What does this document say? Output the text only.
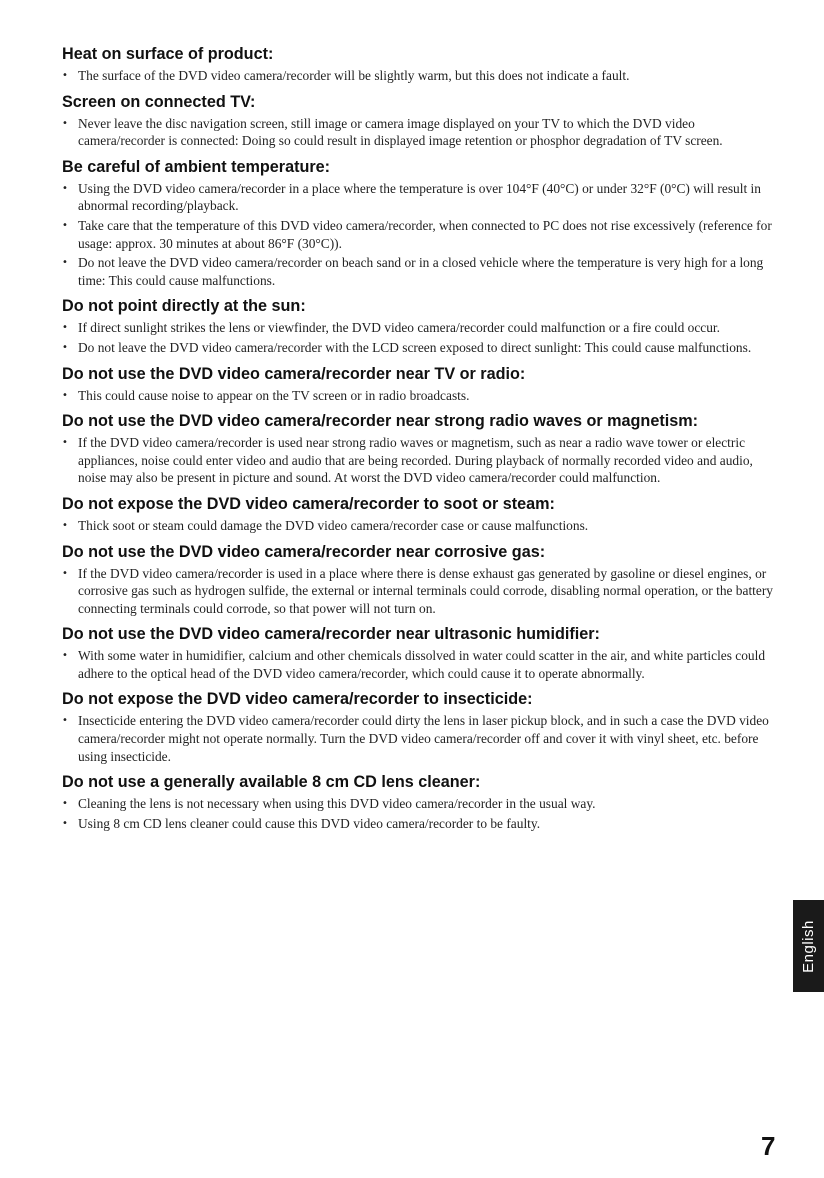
Heat on surface of product:
• The surface of the DVD video camera/recorder will be slightly warm, but this does not indicate a fault.
Screen on connected TV:
• Never leave the disc navigation screen, still image or camera image displayed on your TV to which the DVD video camera/recorder is connected: Doing so could result in displayed image retention or phosphor degradation of TV screen.
Be careful of ambient temperature:
• Using the DVD video camera/recorder in a place where the temperature is over 104°F (40°C) or under 32°F (0°C) will result in abnormal recording/playback.
• Take care that the temperature of this DVD video camera/recorder, when connected to PC does not rise excessively (reference for usage: approx. 30 minutes at about 86°F (30°C)).
• Do not leave the DVD video camera/recorder on beach sand or in a closed vehicle where the temperature is very high for a long time: This could cause malfunctions.
Do not point directly at the sun:
• If direct sunlight strikes the lens or viewfinder, the DVD video camera/recorder could malfunction or a fire could occur.
• Do not leave the DVD video camera/recorder with the LCD screen exposed to direct sunlight: This could cause malfunctions.
Do not use the DVD video camera/recorder near TV or radio:
• This could cause noise to appear on the TV screen or in radio broadcasts.
Do not use the DVD video camera/recorder near strong radio waves or magnetism:
• If the DVD video camera/recorder is used near strong radio waves or magnetism, such as near a radio wave tower or electric appliances, noise could enter video and audio that are being recorded. During playback of normally recorded video and audio, noise may also be present in picture and sound. At worst the DVD video camera/recorder could malfunction.
Do not expose the DVD video camera/recorder to soot or steam:
• Thick soot or steam could damage the DVD video camera/recorder case or cause malfunctions.
Do not use the DVD video camera/recorder near corrosive gas:
• If the DVD video camera/recorder is used in a place where there is dense exhaust gas generated by gasoline or diesel engines, or corrosive gas such as hydrogen sulfide, the external or internal terminals could corrode, disabling normal operation, or the battery connecting terminals could corrode, so that power will not turn on.
Do not use the DVD video camera/recorder near ultrasonic humidifier:
• With some water in humidifier, calcium and other chemicals dissolved in water could scatter in the air, and white particles could adhere to the optical head of the DVD video camera/recorder, which could cause it to operate abnormally.
Do not expose the DVD video camera/recorder to insecticide:
• Insecticide entering the DVD video camera/recorder could dirty the lens in laser pickup block, and in such a case the DVD video camera/recorder might not operate normally. Turn the DVD video camera/recorder off and cover it with vinyl sheet, etc. before using insecticide.
Do not use a generally available 8 cm CD lens cleaner:
• Cleaning the lens is not necessary when using this DVD video camera/recorder in the usual way.
• Using 8 cm CD lens cleaner could cause this DVD video camera/recorder to be faulty.
English
7
